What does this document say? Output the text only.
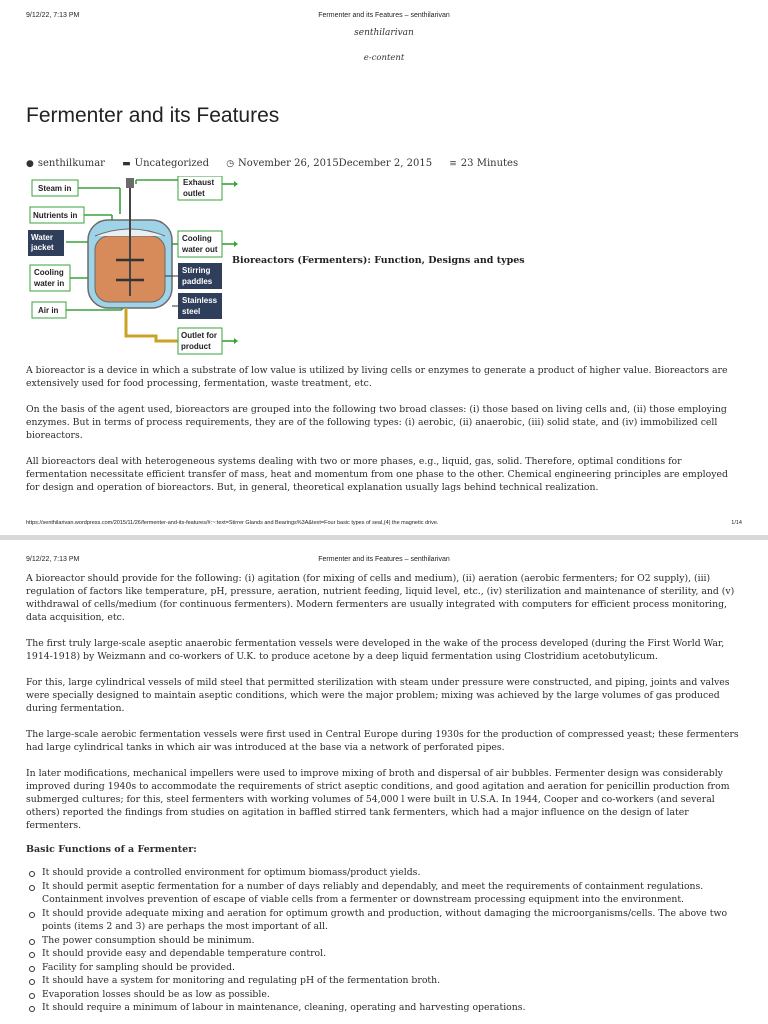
9/12/22, 7:13 PM	Fermenter and its Features – senthilarivan
senthilarivan
e-content
Fermenter and its Features
● senthilkumar ▬ Uncategorized ◷ November 26, 2015December 2, 2015 ≡ 23 Minutes
Steam in
Nutrients in
Water
jacket
Cooling
water in
Air in
Exhaust
outlet
Cooling
water out
Stirring
paddles
Stainless
steel
Outlet for
product
Bioreactors (Fermenters): Function, Designs and types

A bioreactor is a device in which a substrate of low value is utilized by living cells or enzymes to generate a product of higher value. Bioreactors are extensively used for food processing, fermentation, waste treatment, etc.

On the basis of the agent used, bioreactors are grouped into the following two broad classes: (i) those based on living cells and, (ii) those employing enzymes. But in terms of process requirements, they are of the following types: (i) aerobic, (ii) anaerobic, (iii) solid state, and (iv) immobilized cell bioreactors.

All bioreactors deal with heterogeneous systems dealing with two or more phases, e.g., liquid, gas, solid. Therefore, optimal conditions for fermentation necessitate efficient transfer of mass, heat and momentum from one phase to the other. Chemical engineering principles are employed for design and operation of bioreactors. But, in general, theoretical explanation usually lags behind technical realization.

https://senthilarivan.wordpress.com/2015/11/26/fermenter-and-its-features/#:~:text=Stirrer Glands and Bearings%3A&text=Four basic types of seal,(4) the magnetic drive.	1/14
9/12/22, 7:13 PM	Fermenter and its Features – senthilarivan

A bioreactor should provide for the following: (i) agitation (for mixing of cells and medium), (ii) aeration (aerobic fermenters; for O2 supply), (iii) regulation of factors like temperature, pH, pressure, aeration, nutrient feeding, liquid level, etc., (iv) sterilization and maintenance of sterility, and (v) withdrawal of cells/medium (for continuous fermenters). Modern fermenters are usually integrated with computers for efficient process monitoring, data acquisition, etc.

The first truly large-scale aseptic anaerobic fermentation vessels were developed in the wake of the process developed (during the First World War, 1914-1918) by Weizmann and co-workers of U.K. to produce acetone by a deep liquid fermentation using Clostridium acetobutylicum.

For this, large cylindrical vessels of mild steel that permitted sterilization with steam under pressure were constructed, and piping, joints and valves were specially designed to maintain aseptic conditions, which were the major problem; mixing was achieved by the large volumes of gas produced during fermentation.

The large-scale aerobic fermentation vessels were first used in Central Europe during 1930s for the production of compressed yeast; these fermenters had large cylindrical tanks in which air was introduced at the base via a network of perforated pipes.

In later modifications, mechanical impellers were used to improve mixing of broth and dispersal of air bubbles. Fermenter design was considerably improved during 1940s to accommodate the requirements of strict aseptic conditions, and good agitation and aeration for penicillin production from submerged cultures; for this, steel fermenters with working volumes of 54,000 l were built in U.S.A. In 1944, Cooper and co-workers (and several others) reported the findings from studies on agitation in baffled stirred tank fermenters, which had a major influence on the design of later fermenters.

Basic Functions of a Fermenter:
It should provide a controlled environment for optimum biomass/product yields.
It should permit aseptic fermentation for a number of days reliably and dependably, and meet the requirements of containment regulations. Containment involves prevention of escape of viable cells from a fermenter or downstream processing equipment into the environment.
It should provide adequate mixing and aeration for optimum growth and production, without damaging the microorganisms/cells. The above two points (items 2 and 3) are perhaps the most important of all.
The power consumption should be minimum.
It should provide easy and dependable temperature control.
Facility for sampling should be provided.
It should have a system for monitoring and regulating pH of the fermentation broth.
Evaporation losses should be as low as possible.
It should require a minimum of labour in maintenance, cleaning, operating and harvesting operations.
